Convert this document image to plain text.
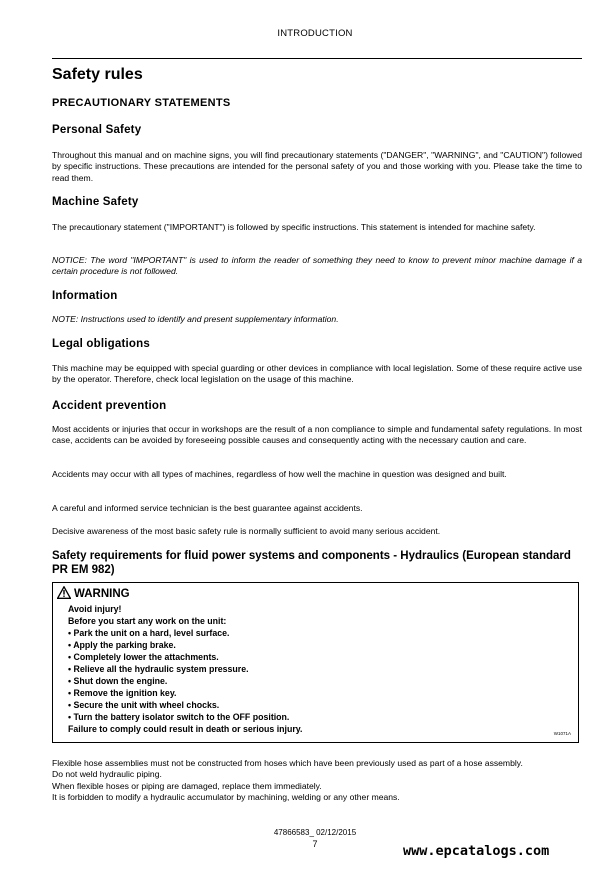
INTRODUCTION
Safety rules
PRECAUTIONARY STATEMENTS
Personal Safety
Throughout this manual and on machine signs, you will find precautionary statements ("DANGER", "WARNING", and "CAUTION") followed by specific instructions. These precautions are intended for the personal safety of you and those working with you. Please take the time to read them.
Machine Safety
The precautionary statement ("IMPORTANT") is followed by specific instructions. This statement is intended for machine safety.
NOTICE: The word "IMPORTANT" is used to inform the reader of something they need to know to prevent minor machine damage if a certain procedure is not followed.
Information
NOTE: Instructions used to identify and present supplementary information.
Legal obligations
This machine may be equipped with special guarding or other devices in compliance with local legislation. Some of these require active use by the operator. Therefore, check local legislation on the usage of this machine.
Accident prevention
Most accidents or injuries that occur in workshops are the result of a non compliance to simple and fundamental safety regulations. In most case, accidents can be avoided by foreseeing possible causes and consequently acting with the necessary caution and care.
Accidents may occur with all types of machines, regardless of how well the machine in question was designed and built.
A careful and informed service technician is the best guarantee against accidents.
Decisive awareness of the most basic safety rule is normally sufficient to avoid many serious accident.
Safety requirements for fluid power systems and components - Hydraulics (European standard PR EM 982)
WARNING
Avoid injury!
Before you start any work on the unit:
• Park the unit on a hard, level surface.
• Apply the parking brake.
• Completely lower the attachments.
• Relieve all the hydraulic system pressure.
• Shut down the engine.
• Remove the ignition key.
• Secure the unit with wheel chocks.
• Turn the battery isolator switch to the OFF position.
Failure to comply could result in death or serious injury.	W1071A
Flexible hose assemblies must not be constructed from hoses which have been previously used as part of a hose assembly.
Do not weld hydraulic piping.
When flexible hoses or piping are damaged, replace them immediately.
It is forbidden to modify a hydraulic accumulator by machining, welding or any other means.
47866583_ 02/12/2015
7	www.epcatalogs.com
